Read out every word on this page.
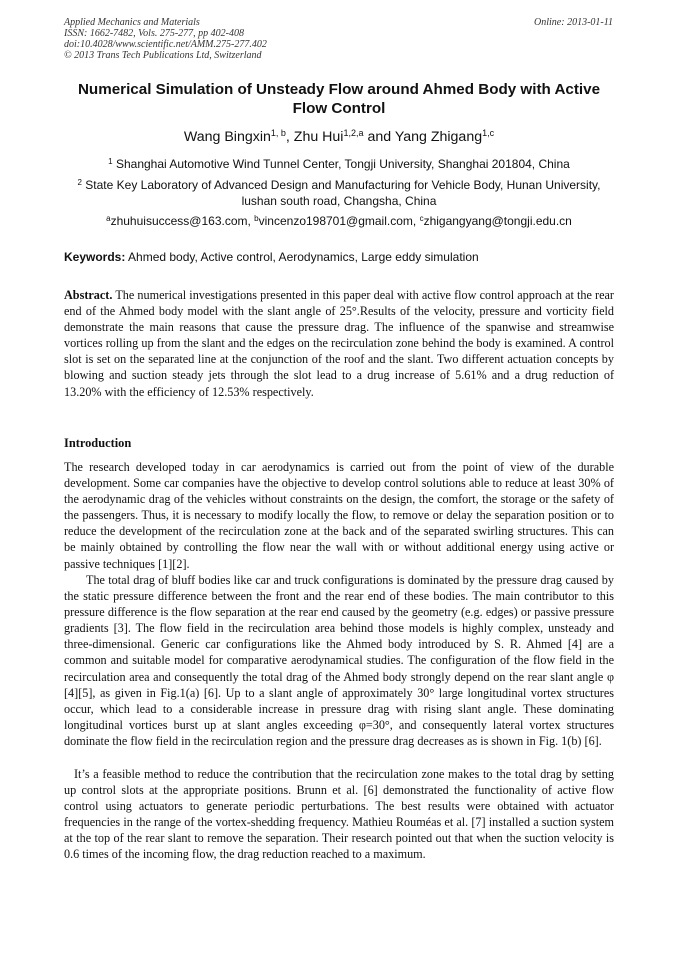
Applied Mechanics and Materials
ISSN: 1662-7482, Vols. 275-277, pp 402-408
doi:10.4028/www.scientific.net/AMM.275-277.402
© 2013 Trans Tech Publications Ltd, Switzerland
Online: 2013-01-11
Numerical Simulation of Unsteady Flow around Ahmed Body with Active Flow Control
Wang Bingxin$^{1, b}$, Zhu Hui$^{1,2,a}$ and Yang Zhigang$^{1,c}$
$^1$ Shanghai Automotive Wind Tunnel Center, Tongji University, Shanghai 201804, China
$^2$ State Key Laboratory of Advanced Design and Manufacturing for Vehicle Body, Hunan University, lushan south road, Changsha, China
$^a$zhuhuisuccess@163.com, $^b$vincenzo198701@gmail.com, $^c$zhigangyang@tongji.edu.cn
Keywords: Ahmed body, Active control, Aerodynamics, Large eddy simulation

Abstract. The numerical investigations presented in this paper deal with active flow control approach at the rear end of the Ahmed body model with the slant angle of 25°.Results of the velocity, pressure and vorticity field demonstrate the main reasons that cause the pressure drag. The influence of the spanwise and streamwise vortices rolling up from the slant and the edges on the recirculation zone behind the body is examined. A control slot is set on the separated line at the conjunction of the roof and the slant. Two different actuation concepts by blowing and suction steady jets through the slot lead to a drug increase of 5.61% and a drug reduction of 13.20% with the efficiency of 12.53% respectively.

Introduction

The research developed today in car aerodynamics is carried out from the point of view of the durable development. Some car companies have the objective to develop control solutions able to reduce at least 30% of the aerodynamic drag of the vehicles without constraints on the design, the comfort, the storage or the safety of the passengers. Thus, it is necessary to modify locally the flow, to remove or delay the separation position or to reduce the development of the recirculation zone at the back and of the separated swirling structures. This can be mainly obtained by controlling the flow near the wall with or without additional energy using active or passive techniques [1][2].

The total drag of bluff bodies like car and truck configurations is dominated by the pressure drag caused by the static pressure difference between the front and the rear end of these bodies. The main contributor to this pressure difference is the flow separation at the rear end caused by the geometry (e.g. edges) or passive pressure gradients [3]. The flow field in the recirculation area behind those models is highly complex, unsteady and three-dimensional. Generic car configurations like the Ahmed body introduced by S. R. Ahmed [4] are a common and suitable model for comparative aerodynamical studies. The configuration of the flow field in the recirculation area and consequently the total drag of the Ahmed body strongly depend on the rear slant angle φ [4][5], as given in Fig.1(a) [6]. Up to a slant angle of approximately 30° large longitudinal vortex structures occur, which lead to a considerable increase in pressure drag with rising slant angle. These dominating longitudinal vortices burst up at slant angles exceeding φ=30°, and consequently lateral vortex structures dominate the flow field in the recirculation region and the pressure drag decreases as is shown in Fig. 1(b) [6].

It’s a feasible method to reduce the contribution that the recirculation zone makes to the total drag by setting up control slots at the appropriate positions. Brunn et al. [6] demonstrated the functionality of active flow control using actuators to generate periodic perturbations. The best results were obtained with actuator frequencies in the range of the vortex-shedding frequency. Mathieu Rouméas et al. [7] installed a suction system at the top of the rear slant to remove the separation. Their research pointed out that when the suction velocity is 0.6 times of the incoming flow, the drag reduction reached to a maximum.
